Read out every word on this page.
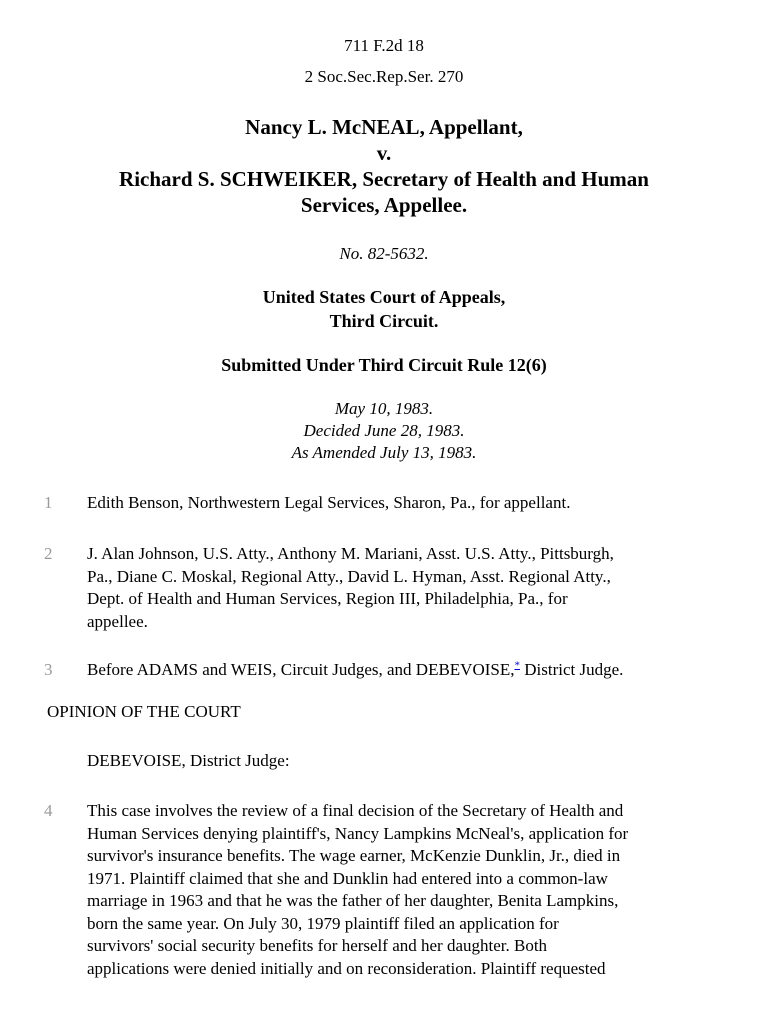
711 F.2d 18
2 Soc.Sec.Rep.Ser. 270
Nancy L. McNEAL, Appellant,
v.
Richard S. SCHWEIKER, Secretary of Health and Human
Services, Appellee.
No. 82-5632.
United States Court of Appeals,
Third Circuit.
Submitted Under Third Circuit Rule 12(6)
May 10, 1983.
Decided June 28, 1983.
As Amended July 13, 1983.
1	Edith Benson, Northwestern Legal Services, Sharon, Pa., for appellant.
2	J. Alan Johnson, U.S. Atty., Anthony M. Mariani, Asst. U.S. Atty., Pittsburgh,
Pa., Diane C. Moskal, Regional Atty., David L. Hyman, Asst. Regional Atty.,
Dept. of Health and Human Services, Region III, Philadelphia, Pa., for
appellee.
3	Before ADAMS and WEIS, Circuit Judges, and DEBEVOISE,* District Judge.
OPINION OF THE COURT
DEBEVOISE, District Judge:
4	This case involves the review of a final decision of the Secretary of Health and
Human Services denying plaintiff's, Nancy Lampkins McNeal's, application for
survivor's insurance benefits. The wage earner, McKenzie Dunklin, Jr., died in
1971. Plaintiff claimed that she and Dunklin had entered into a common-law
marriage in 1963 and that he was the father of her daughter, Benita Lampkins,
born the same year. On July 30, 1979 plaintiff filed an application for
survivors' social security benefits for herself and her daughter. Both
applications were denied initially and on reconsideration. Plaintiff requested
